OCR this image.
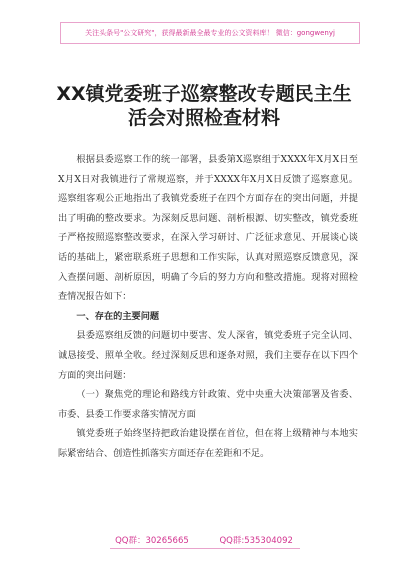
关注头条号"公文研究"，获得最新最全最专业的公文资料库！ 微信：gongwenyj
XX镇党委班子巡察整改专题民主生
活会对照检查材料

根据县委巡察工作的统一部署，县委第X巡察组于XXXX年X月X日至X月X日对我镇进行了常规巡察，并于XXXX年X月X日反馈了巡察意见。巡察组客观公正地指出了我镇党委班子在四个方面存在的突出问题，并提出了明确的整改要求。为深刻反思问题、剖析根源、切实整改，镇党委班子严格按照巡察整改要求，在深入学习研讨、广泛征求意见、开展谈心谈话的基础上，紧密联系班子思想和工作实际，认真对照巡察反馈意见，深入查摆问题、剖析原因，明确了今后的努力方向和整改措施。现将对照检查情况报告如下：

一、存在的主要问题

县委巡察组反馈的问题切中要害、发人深省，镇党委班子完全认同、诚恳接受、照单全收。经过深刻反思和逐条对照，我们主要存在以下四个方面的突出问题：

（一）聚焦党的理论和路线方针政策、党中央重大决策部署及省委、市委、县委工作要求落实情况方面

镇党委班子始终坚持把政治建设摆在首位，但在将上级精神与本地实际紧密结合、创造性抓落实方面还存在差距和不足。

QQ群：30265665	QQ群:535304092
